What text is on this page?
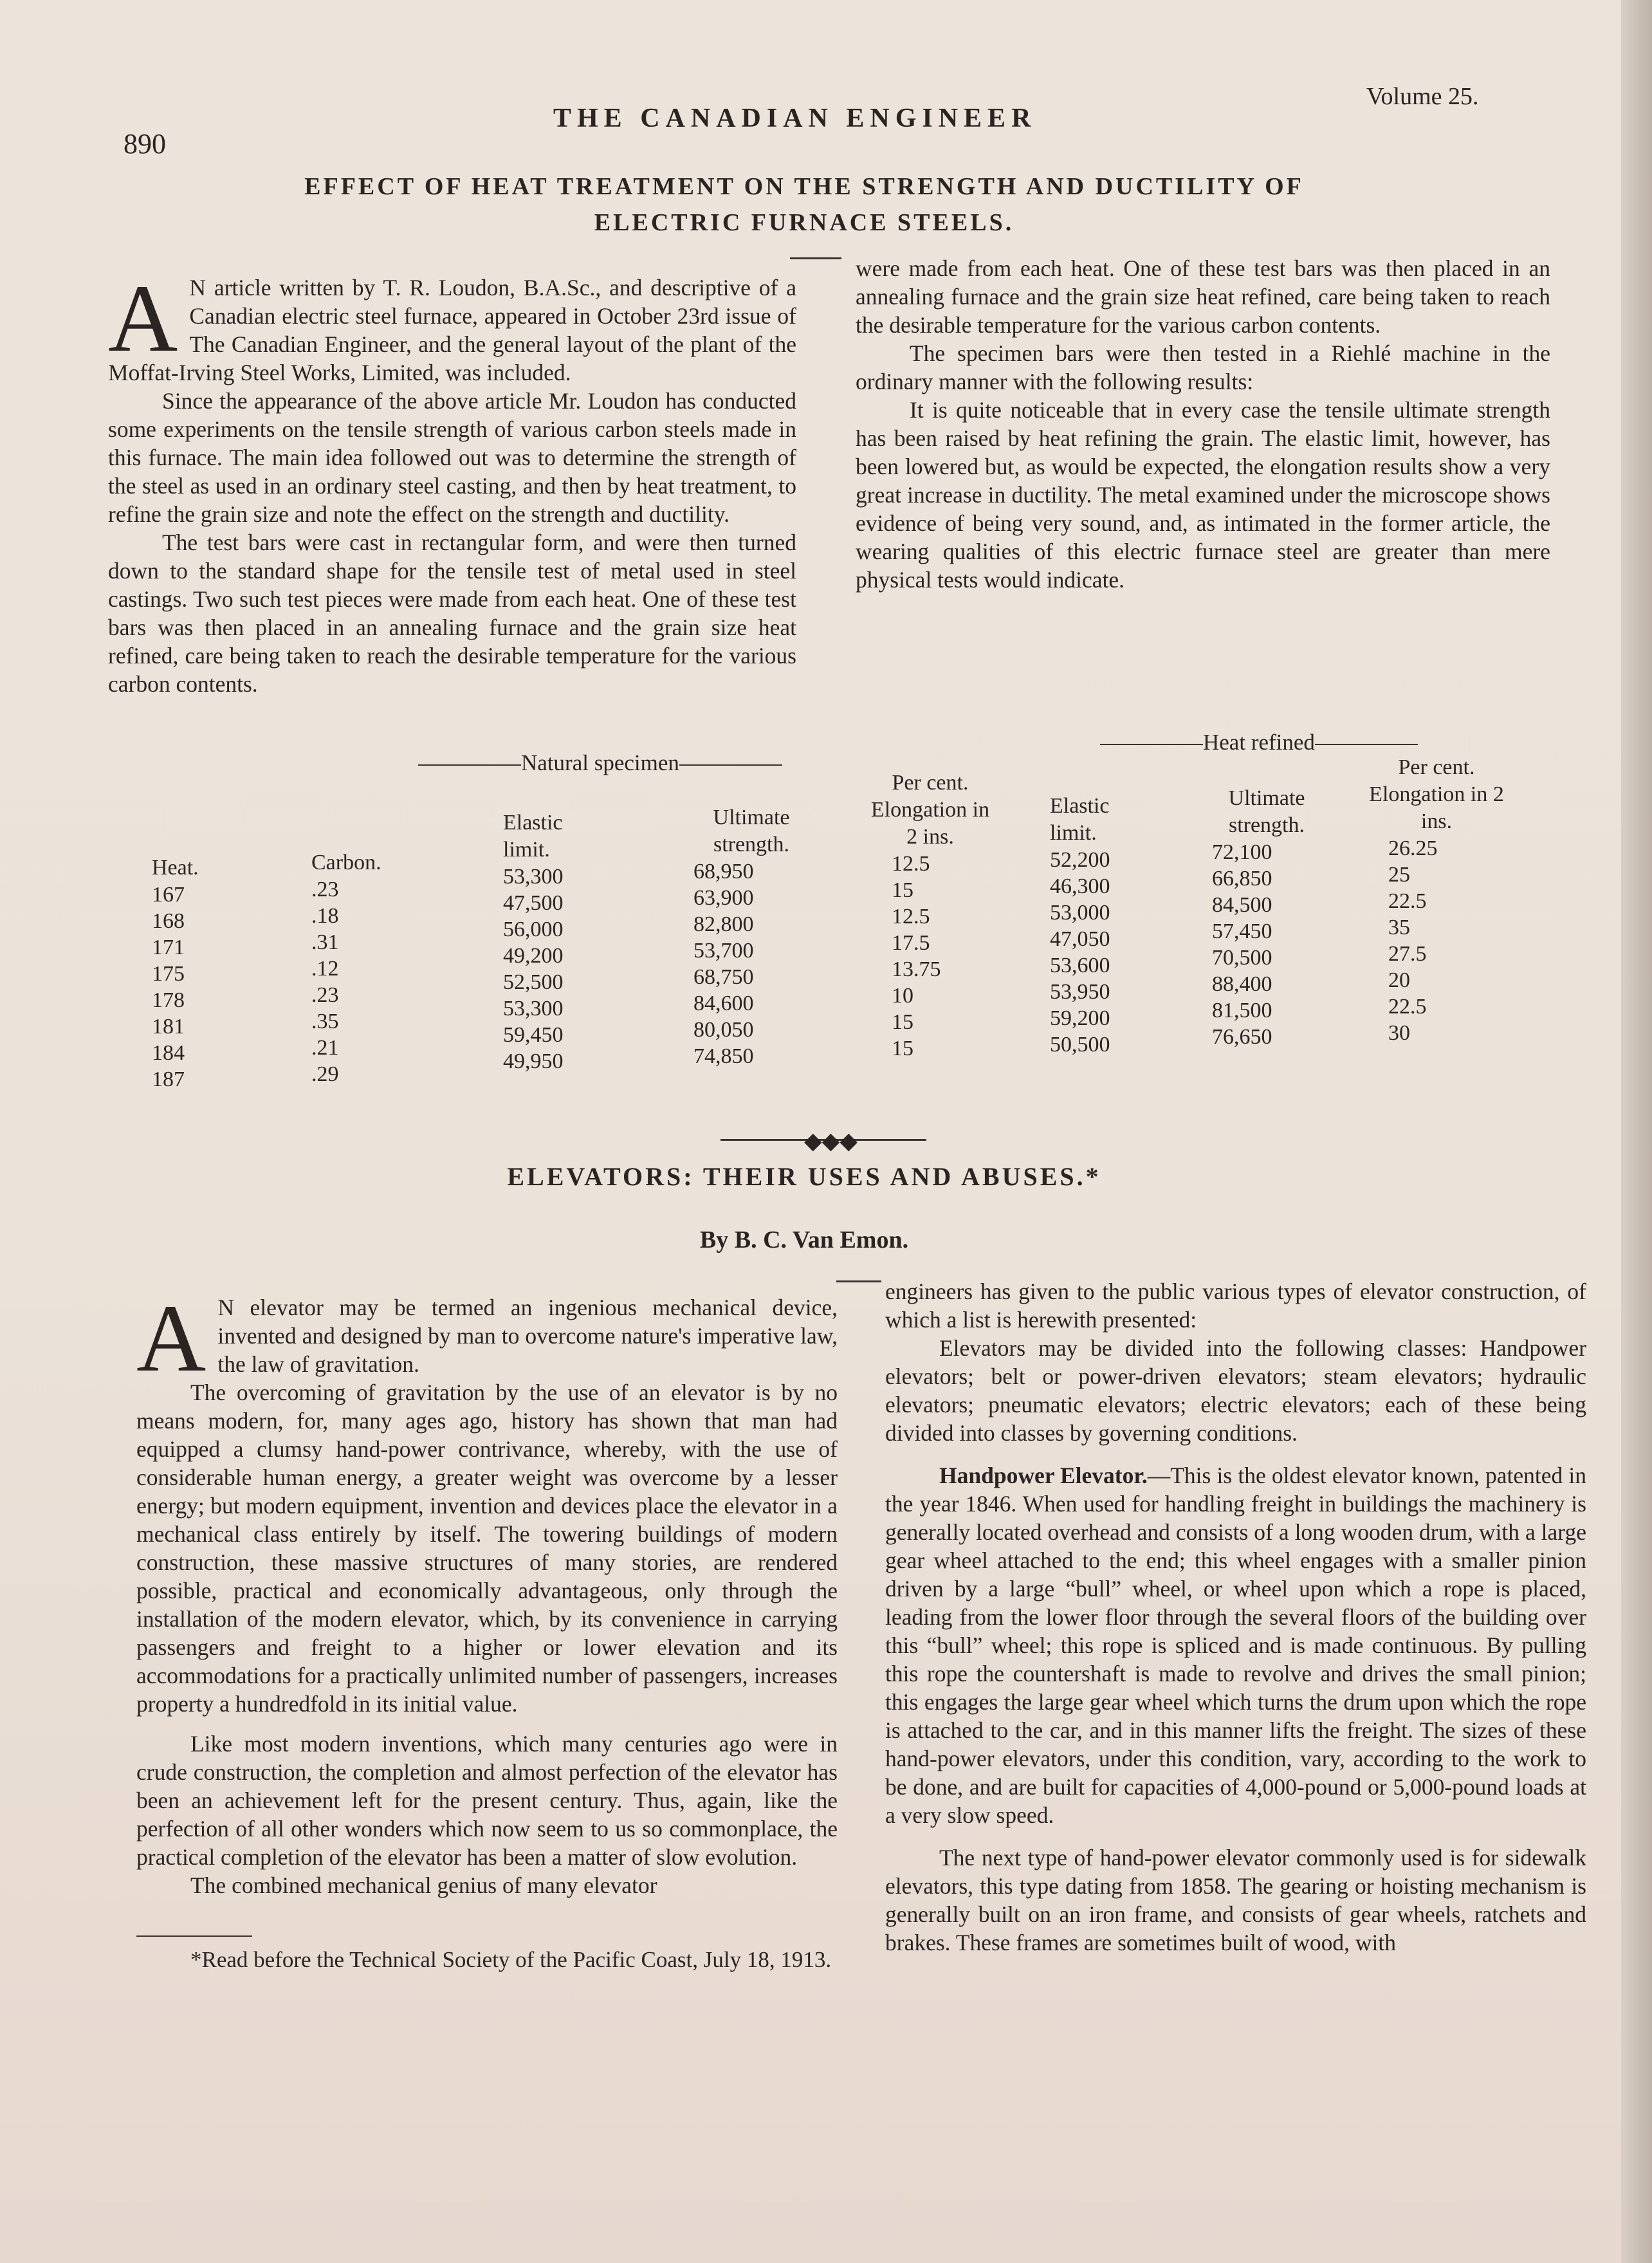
890
THE CANADIAN ENGINEER
Volume 25.
EFFECT OF HEAT TREATMENT ON THE STRENGTH AND DUCTILITY OF
ELECTRIC FURNACE STEELS.

A N article written by T. R. Loudon, B.A.Sc., and descriptive of a Canadian electric steel furnace, appeared in October 23rd issue of The Canadian Engineer, and the general layout of the plant of the Moffat-Irving Steel Works, Limited, was included.

Since the appearance of the above article Mr. Loudon has conducted some experiments on the tensile strength of various carbon steels made in this furnace. The main idea followed out was to determine the strength of the steel as used in an ordinary steel casting, and then by heat treatment, to refine the grain size and note the effect on the strength and ductility.

The test bars were cast in rectangular form, and were then turned down to the standard shape for the tensile test of metal used in steel castings. Two such test pieces were made from each heat. One of these test bars was then placed in an annealing furnace and the grain size heat refined, care being taken to reach the desirable temperature for the various carbon contents.

were made from each heat. One of these test bars was then placed in an annealing furnace and the grain size heat refined, care being taken to reach the desirable temperature for the various carbon contents.

The specimen bars were then tested in a Riehlé machine in the ordinary manner with the following results:

It is quite noticeable that in every case the tensile ultimate strength has been raised by heat refining the grain. The elastic limit, however, has been lowered but, as would be expected, the elongation results show a very great increase in ductility. The metal examined under the microscope shows evidence of being very sound, and, as intimated in the former article, the wearing qualities of this electric furnace steel are greater than mere physical tests would indicate.

Natural specimen
Heat refined
Heat.
167
168
171
175
178
181
184
187
Carbon.
.23
.18
.31
.12
.23
.35
.21
.29
Elastic limit.
53,300
47,500
56,000
49,200
52,500
53,300
59,450
49,950
Ultimate strength.
68,950
63,900
82,800
53,700
68,750
84,600
80,050
74,850
Per cent. Elongation in 2 ins.
12.5
15
12.5
17.5
13.75
10
15
15
Elastic limit.
52,200
46,300
53,000
47,050
53,600
53,950
59,200
50,500
Ultimate strength.
72,100
66,850
84,500
57,450
70,500
88,400
81,500
76,650
Per cent. Elongation in 2 ins.
26.25
25
22.5
35
27.5
20
22.5
30
◆◆◆
ELEVATORS: THEIR USES AND ABUSES.*
By B. C. Van Emon.

A N elevator may be termed an ingenious mechanical device, invented and designed by man to overcome nature's imperative law, the law of gravitation.

The overcoming of gravitation by the use of an elevator is by no means modern, for, many ages ago, history has shown that man had equipped a clumsy hand-power contrivance, whereby, with the use of considerable human energy, a greater weight was overcome by a lesser energy; but modern equipment, invention and devices place the elevator in a mechanical class entirely by itself. The towering buildings of modern construction, these massive structures of many stories, are rendered possible, practical and economically advantageous, only through the installation of the modern elevator, which, by its convenience in carrying passengers and freight to a higher or lower elevation and its accommodations for a practically unlimited number of passengers, increases property a hundredfold in its initial value.

Like most modern inventions, which many centuries ago were in crude construction, the completion and almost perfection of the elevator has been an achievement left for the present century. Thus, again, like the perfection of all other wonders which now seem to us so commonplace, the practical completion of the elevator has been a matter of slow evolution.

The combined mechanical genius of many elevator

*Read before the Technical Society of the Pacific Coast, July 18, 1913.

engineers has given to the public various types of elevator construction, of which a list is herewith presented:

Elevators may be divided into the following classes: Handpower elevators; belt or power-driven elevators; steam elevators; hydraulic elevators; pneumatic elevators; electric elevators; each of these being divided into classes by governing conditions.

Handpower Elevator.—This is the oldest elevator known, patented in the year 1846. When used for handling freight in buildings the machinery is generally located overhead and consists of a long wooden drum, with a large gear wheel attached to the end; this wheel engages with a smaller pinion driven by a large “bull” wheel, or wheel upon which a rope is placed, leading from the lower floor through the several floors of the building over this “bull” wheel; this rope is spliced and is made continuous. By pulling this rope the countershaft is made to revolve and drives the small pinion; this engages the large gear wheel which turns the drum upon which the rope is attached to the car, and in this manner lifts the freight. The sizes of these hand-power elevators, under this condition, vary, according to the work to be done, and are built for capacities of 4,000-pound or 5,000-pound loads at a very slow speed.

The next type of hand-power elevator commonly used is for sidewalk elevators, this type dating from 1858. The gearing or hoisting mechanism is generally built on an iron frame, and consists of gear wheels, ratchets and brakes. These frames are sometimes built of wood, with
